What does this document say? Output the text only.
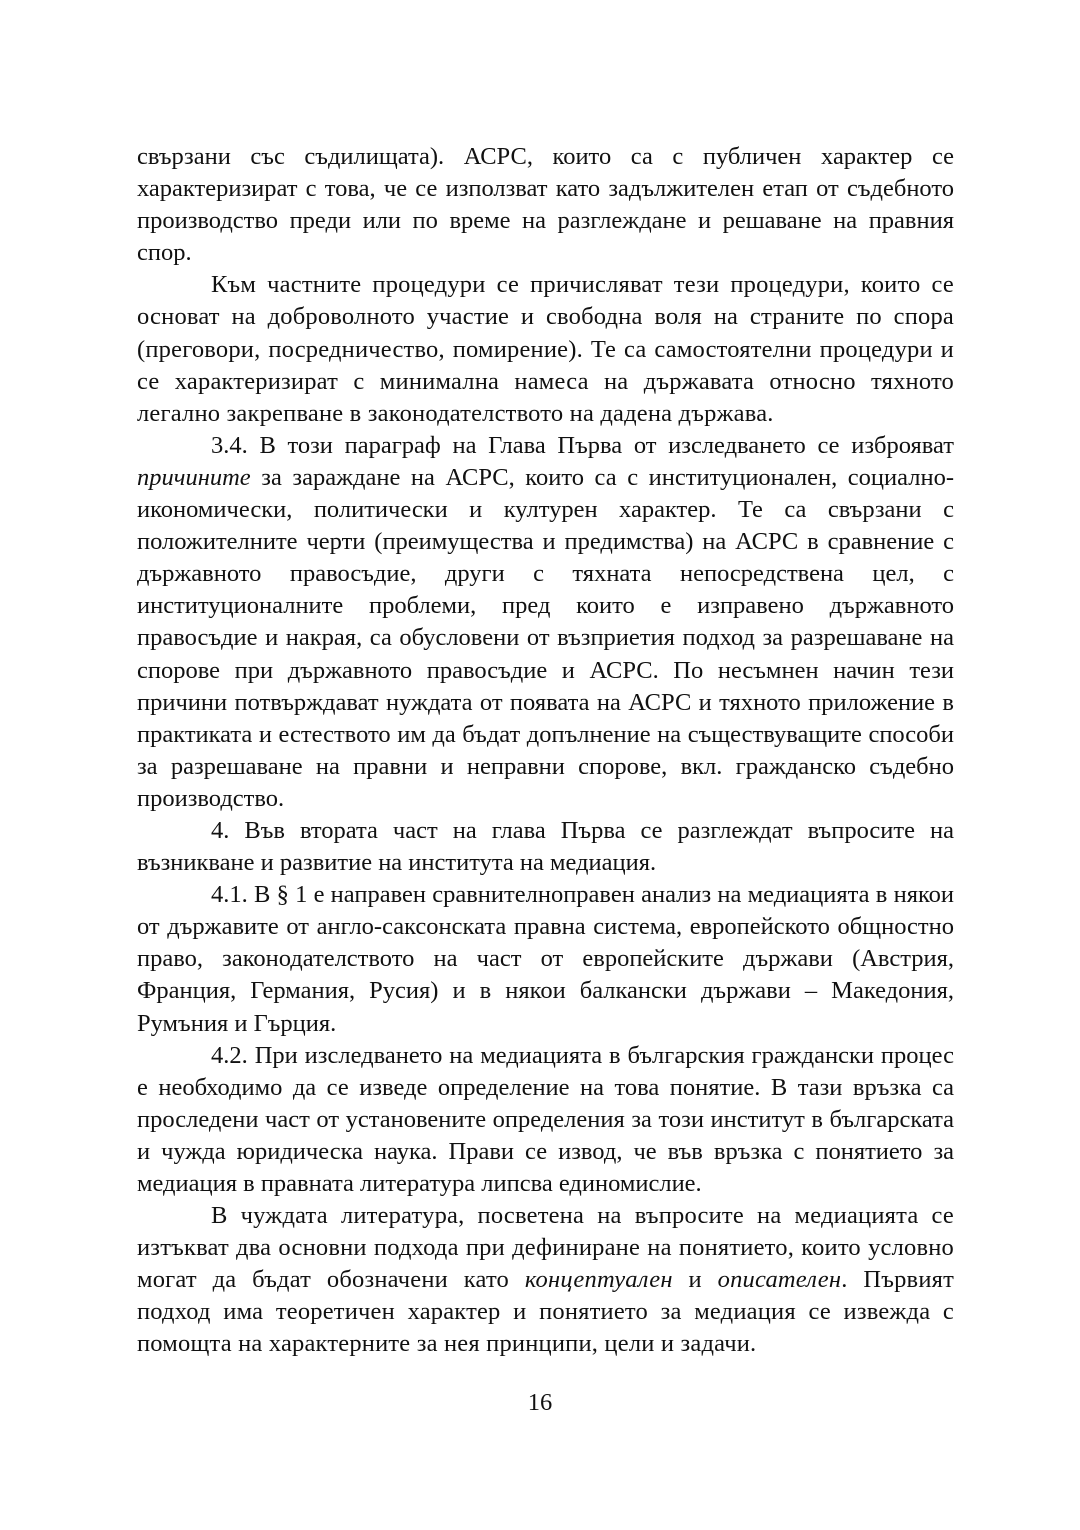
свързани със съдилищата). АСРС, които са с публичен характер се характеризират с това, че се използват като задължителен етап от съдебното производство преди или по време на разглеждане и решаване на правния спор.

Към частните процедури се причисляват тези процедури, които се основат на доброволното участие и свободна воля на страните по спора (преговори, посредничество, помирение). Те са самостоятелни процедури и се характеризират с минимална намеса на държавата относно тяхното легално закрепване в законодателството на дадена държава.

3.4. В този параграф на Глава Първа от изследването се изброяват причините за зараждане на АСРС, които са с институционален, социално-икономически, политически и културен характер. Те са свързани с положителните черти (преимущества и предимства) на АСРС в сравнение с държавното правосъдие, други с тяхната непосредствена цел, с институционалните проблеми, пред които е изправено държавното правосъдие и накрая, са обусловени от възприетия подход за разрешаване на спорове при държавното правосъдие и АСРС. По несъмнен начин тези причини потвърждават нуждата от появата на АСРС и тяхното приложение в практиката и естеството им да бъдат допълнение на съществуващите способи за разрешаване на правни и неправни спорове, вкл. гражданско съдебно производство.

4. Във втората част на глава Първа се разглеждат въпросите на възникване и развитие на института на медиация.

4.1. В § 1 е направен сравнителноправен анализ на медиацията в някои от държавите от англо-саксонската правна система, европейското общностно право, законодателството на част от европейските държави (Австрия, Франция, Германия, Русия) и в някои балкански държави – Македония, Румъния и Гърция.

4.2. При изследването на медиацията в българския граждански процес е необходимо да се изведе определение на това понятие. В тази връзка са проследени част от установените определения за този институт в българската и чужда юридическа наука. Прави се извод, че във връзка с понятието за медиация в правната литература липсва единомислие.

В чуждата литература, посветена на въпросите на медиацията се изтъкват два основни подхода при дефиниране на понятието, които условно могат да бъдат обозначени като концептуален и описателен. Първият подход има теоретичен характер и понятието за медиация се извежда с помощта на характерните за нея принципи, цели и задачи.

16
